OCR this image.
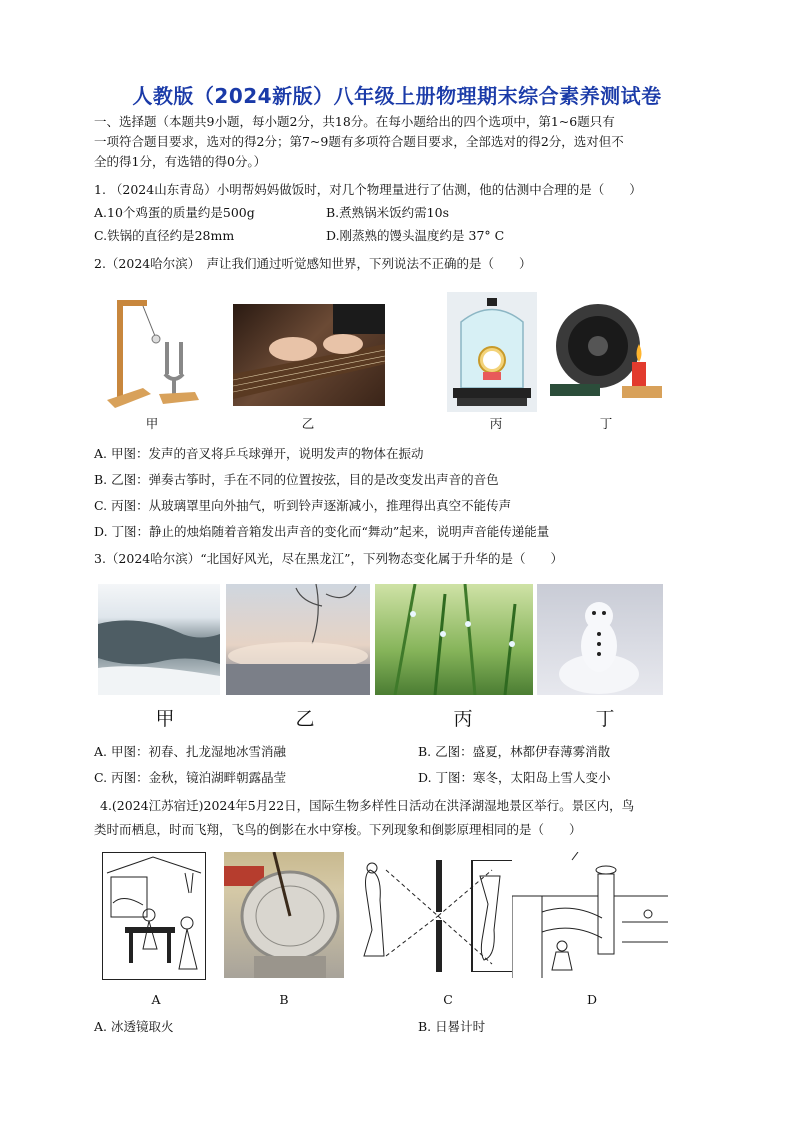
人教版（2024新版）八年级上册物理期末综合素养测试卷
一、选择题（本题共9小题，每小题2分，共18分。在每小题给出的四个选项中，第1~6题只有
一项符合题目要求，选对的得2分；第7~9题有多项符合题目要求，全部选对的得2分，选对但不
全的得1分，有选错的得0分。）
1. （2024山东青岛）小明帮妈妈做饭时，对几个物理量进行了估测，他的估测中合理的是（　　）
A.10个鸡蛋的质量约是500g	B.煮熟锅米饭约需10s
C.铁锅的直径约是28mm	D.刚蒸熟的馒头温度约是 37° C
2.（2024哈尔滨）　声让我们通过听觉感知世界，下列说法不正确的是（　　）
甲	乙	丙	丁
A. 甲图：发声的音叉将乒乓球弹开，说明发声的物体在振动
B. 乙图：弹奏古筝时，手在不同的位置按弦，目的是改变发出声音的音色
C. 丙图：从玻璃罩里向外抽气，听到铃声逐渐减小，推理得出真空不能传声
D. 丁图：静止的烛焰随着音箱发出声音的变化而“舞动”起来，说明声音能传递能量
3.（2024哈尔滨）“北国好风光，尽在黑龙江”，下列物态变化属于升华的是（　　）
甲	乙	丙	丁
A. 甲图：初春、扎龙湿地冰雪消融	B. 乙图：盛夏，林都伊春薄雾消散
C. 丙图：金秋，镜泊湖畔朝露晶莹	D. 丁图：寒冬，太阳岛上雪人变小
4.(2024江苏宿迁)2024年5月22日，国际生物多样性日活动在洪泽湖湿地景区举行。景区内，鸟
类时而栖息，时而飞翔，飞鸟的倒影在水中穿梭。下列现象和倒影原理相同的是（　　）
A	B	C	D
A. 冰透镜取火	B. 日晷计时
